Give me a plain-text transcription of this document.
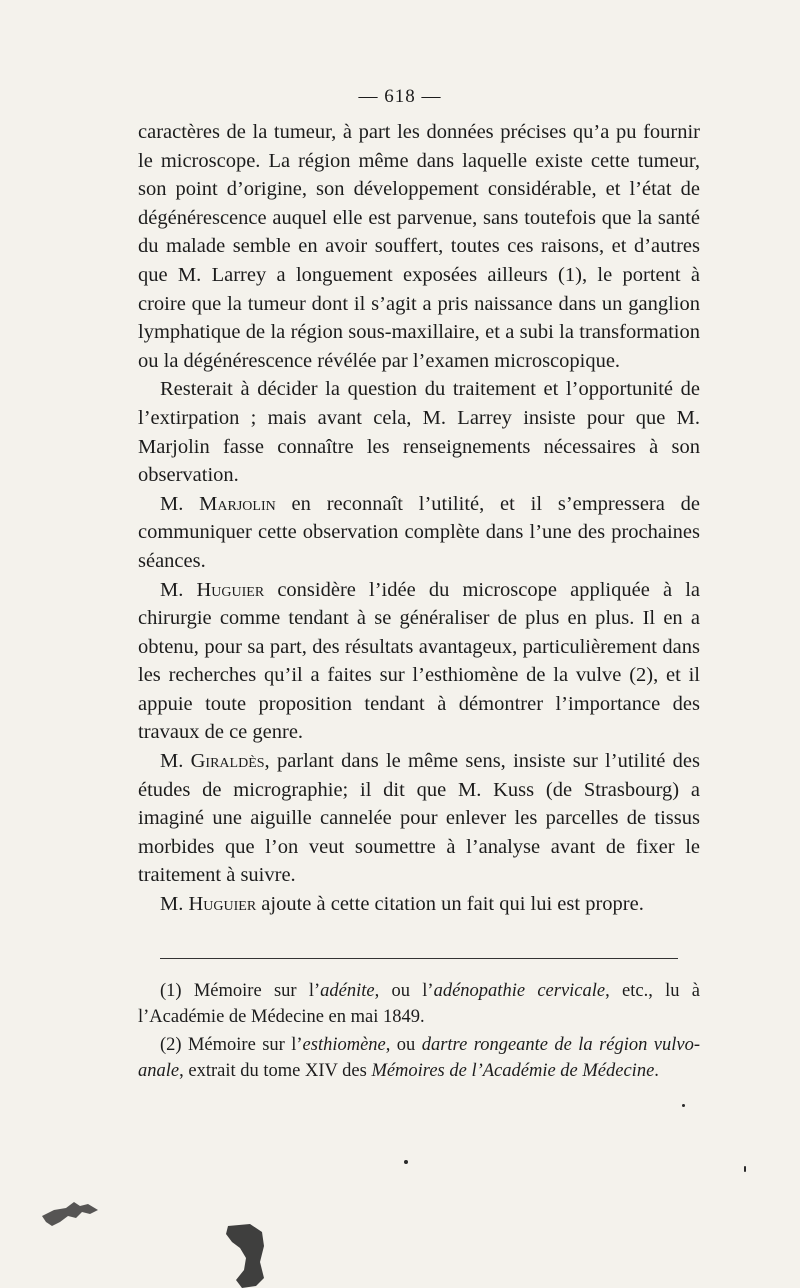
— 618 —

caractères de la tumeur, à part les données précises qu’a pu fournir le microscope. La région même dans laquelle existe cette tumeur, son point d’origine, son développement considérable, et l’état de dégénérescence auquel elle est parvenue, sans toutefois que la santé du malade semble en avoir souffert, toutes ces raisons, et d’autres que M. Larrey a longuement exposées ailleurs (1), le portent à croire que la tumeur dont il s’agit a pris naissance dans un ganglion lymphatique de la région sous-maxillaire, et a subi la transformation ou la dégénérescence révélée par l’examen microscopique.

Resterait à décider la question du traitement et l’opportunité de l’extirpation ; mais avant cela, M. Larrey insiste pour que M. Marjolin fasse connaître les renseignements nécessaires à son observation.

M. Marjolin en reconnaît l’utilité, et il s’empressera de communiquer cette observation complète dans l’une des prochaines séances.

M. Huguier considère l’idée du microscope appliquée à la chirurgie comme tendant à se généraliser de plus en plus. Il en a obtenu, pour sa part, des résultats avantageux, particulièrement dans les recherches qu’il a faites sur l’esthiomène de la vulve (2), et il appuie toute proposition tendant à démontrer l’importance des travaux de ce genre.

M. Giraldès, parlant dans le même sens, insiste sur l’utilité des études de micrographie; il dit que M. Kuss (de Strasbourg) a imaginé une aiguille cannelée pour enlever les parcelles de tissus morbides que l’on veut soumettre à l’analyse avant de fixer le traitement à suivre.

M. Huguier ajoute à cette citation un fait qui lui est propre.

(1) Mémoire sur l’adénite, ou l’adénopathie cervicale, etc., lu à l’Académie de Médecine en mai 1849.

(2) Mémoire sur l’esthiomène, ou dartre rongeante de la région vulvo-anale, extrait du tome XIV des Mémoires de l’Académie de Médecine.
